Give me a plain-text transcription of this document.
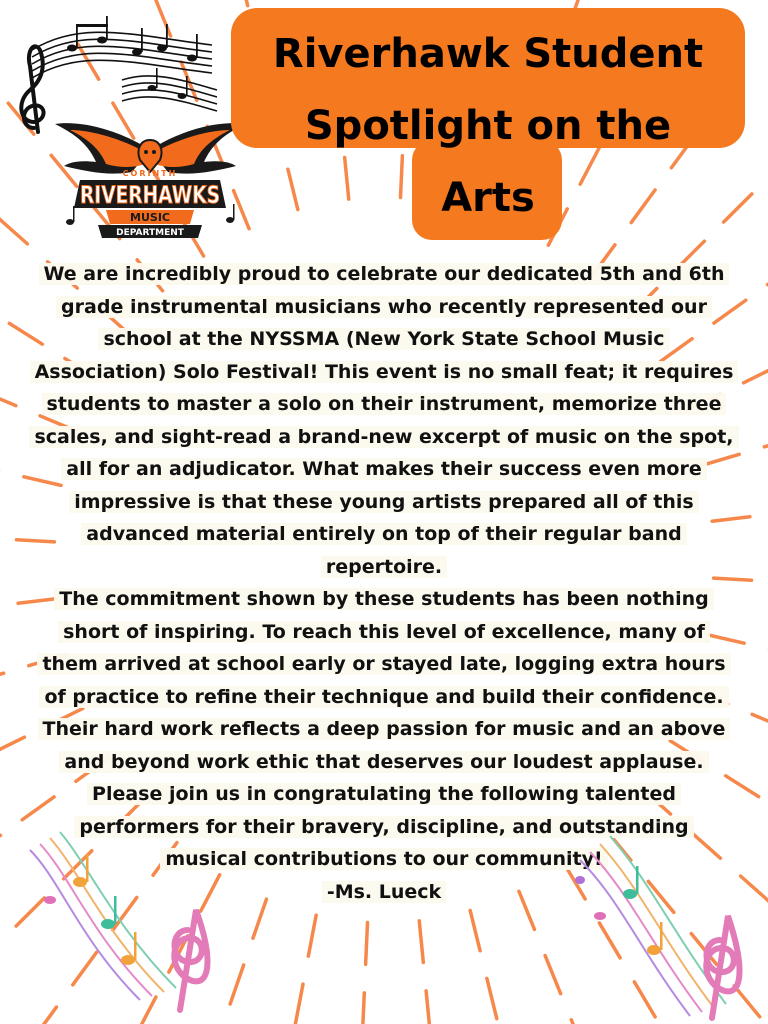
CORINTH
RIVERHAWKS
MUSIC
DEPARTMENT
Riverhawk Student
Spotlight on the
Arts
We are incredibly proud to celebrate our dedicated 5th and 6th
grade instrumental musicians who recently represented our
school at the NYSSMA (New York State School Music
Association) Solo Festival! This event is no small feat; it requires
students to master a solo on their instrument, memorize three
scales, and sight-read a brand-new excerpt of music on the spot,
all for an adjudicator. What makes their success even more
impressive is that these young artists prepared all of this
advanced material entirely on top of their regular band
repertoire.
The commitment shown by these students has been nothing
short of inspiring. To reach this level of excellence, many of
them arrived at school early or stayed late, logging extra hours
of practice to refine their technique and build their confidence.
Their hard work reflects a deep passion for music and an above
and beyond work ethic that deserves our loudest applause.
Please join us in congratulating the following talented
performers for their bravery, discipline, and outstanding
musical contributions to our community!
-Ms. Lueck
